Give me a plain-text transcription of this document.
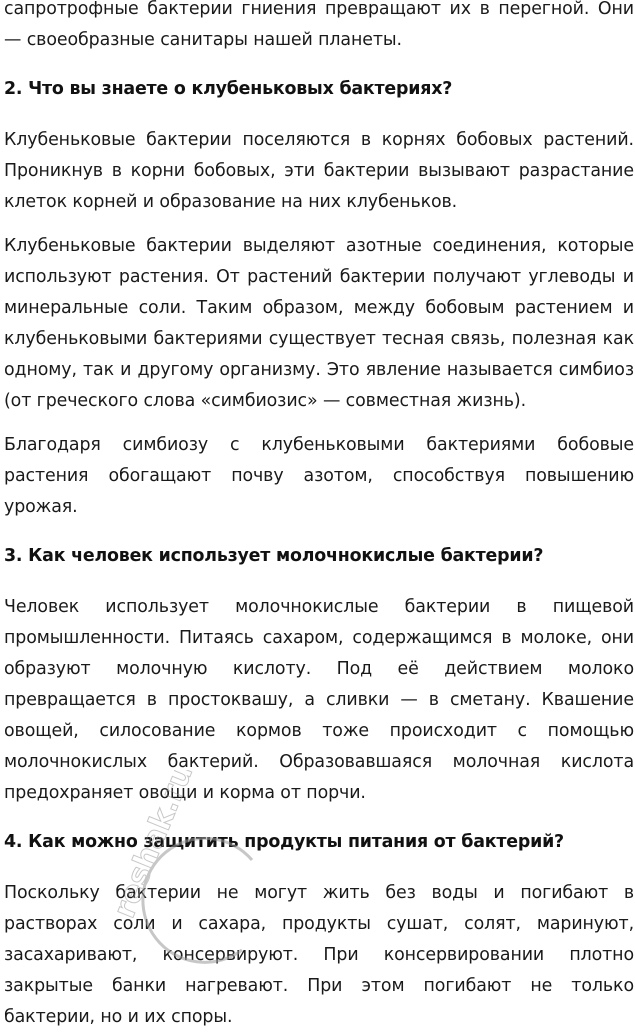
сапротрофные бактерии гниения превращают их в перегной. Они — своеобразные санитары нашей планеты.

2. Что вы знаете о клубеньковых бактериях?

Клубеньковые бактерии поселяются в корнях бобовых растений. Проникнув в корни бобовых, эти бактерии вызывают разрастание клеток корней и образование на них клубеньков.

Клубеньковые бактерии выделяют азотные соединения, которые используют растения. От растений бактерии получают углеводы и минеральные соли. Таким образом, между бобовым растением и клубеньковыми бактериями существует тесная связь, полезная как одному, так и другому организму. Это явление называется симбиоз (от греческого слова «симбиозис» — совместная жизнь).

Благодаря симбиозу с клубеньковыми бактериями бобовые растения обогащают почву азотом, способствуя повышению урожая.

3. Как человек использует молочнокислые бактерии?

Человек использует молочнокислые бактерии в пищевой промышленности. Питаясь сахаром, содержащимся в молоке, они образуют молочную кислоту. Под её действием молоко превращается в простоквашу, а сливки — в сметану. Квашение овощей, силосование кормов тоже происходит с помощью молочнокислых бактерий. Образовавшаяся молочная кислота предохраняет овощи и корма от порчи.

4. Как можно защитить продукты питания от бактерий?

Поскольку бактерии не могут жить без воды и погибают в растворах соли и сахара, продукты сушат, солят, маринуют, засахаривают, консервируют. При консервировании плотно закрытые банки нагревают. При этом погибают не только бактерии, но и их споры.

reshak.ru
